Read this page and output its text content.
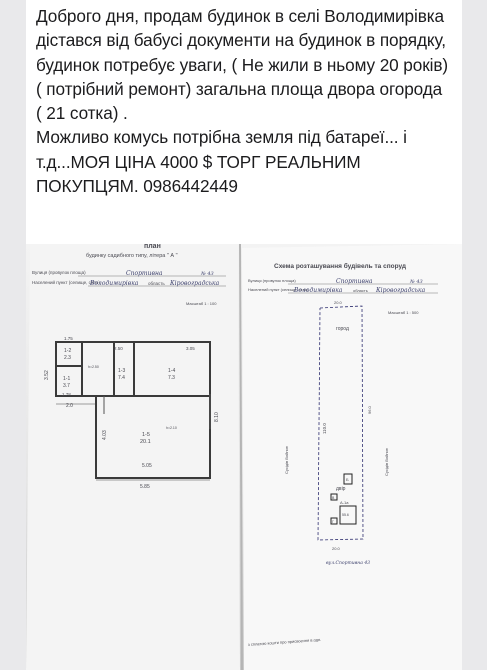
Доброго дня, продам будинок в селі Володимирівка дістався від бабусі документи на будинок в порядку, будинок потребує уваги, ( Не жили в ньому 20 років)( потрібний ремонт) загальна площа двора огорода ( 21 сотка) .
Можливо комусь потрібна земля під батареї... і т.д...МОЯ ЦІНА 4000 $ ТОРГ РЕАЛЬНИМ ПОКУПЦЯМ. 0986442449
план
будинку садибного типу, літера " А "
Вулиця (провулок площа)	Спортивна	№ 43
Населений пункт (селище, село)
Володимирівка область Кіровоградська
Масштаб 1 : 100
1-2
2.3
1-3
7.4
1-4
7.3
1-1
3.7
1-5
20.1
1.75
2.50	3.05
1.78
2.0
5.05
5.85
h=2.10
h=2.50
3.52
8.10
4.03
Схема розташування будівель та споруд
Вулиця (провулок площа)	Спортивна	№ 43
Населений пункт (селище, село)
Володимирівка	область Кіровоградська
Масштаб 1 : 500
20.0
город
двір
110.0
96.0
Сусідів Войнин	Сусідів Войнин
20.0
вул.Спортивна 43
А-1а
55.6
Б
В
Г
з сплатою кошти про присвоєння в.одн.
